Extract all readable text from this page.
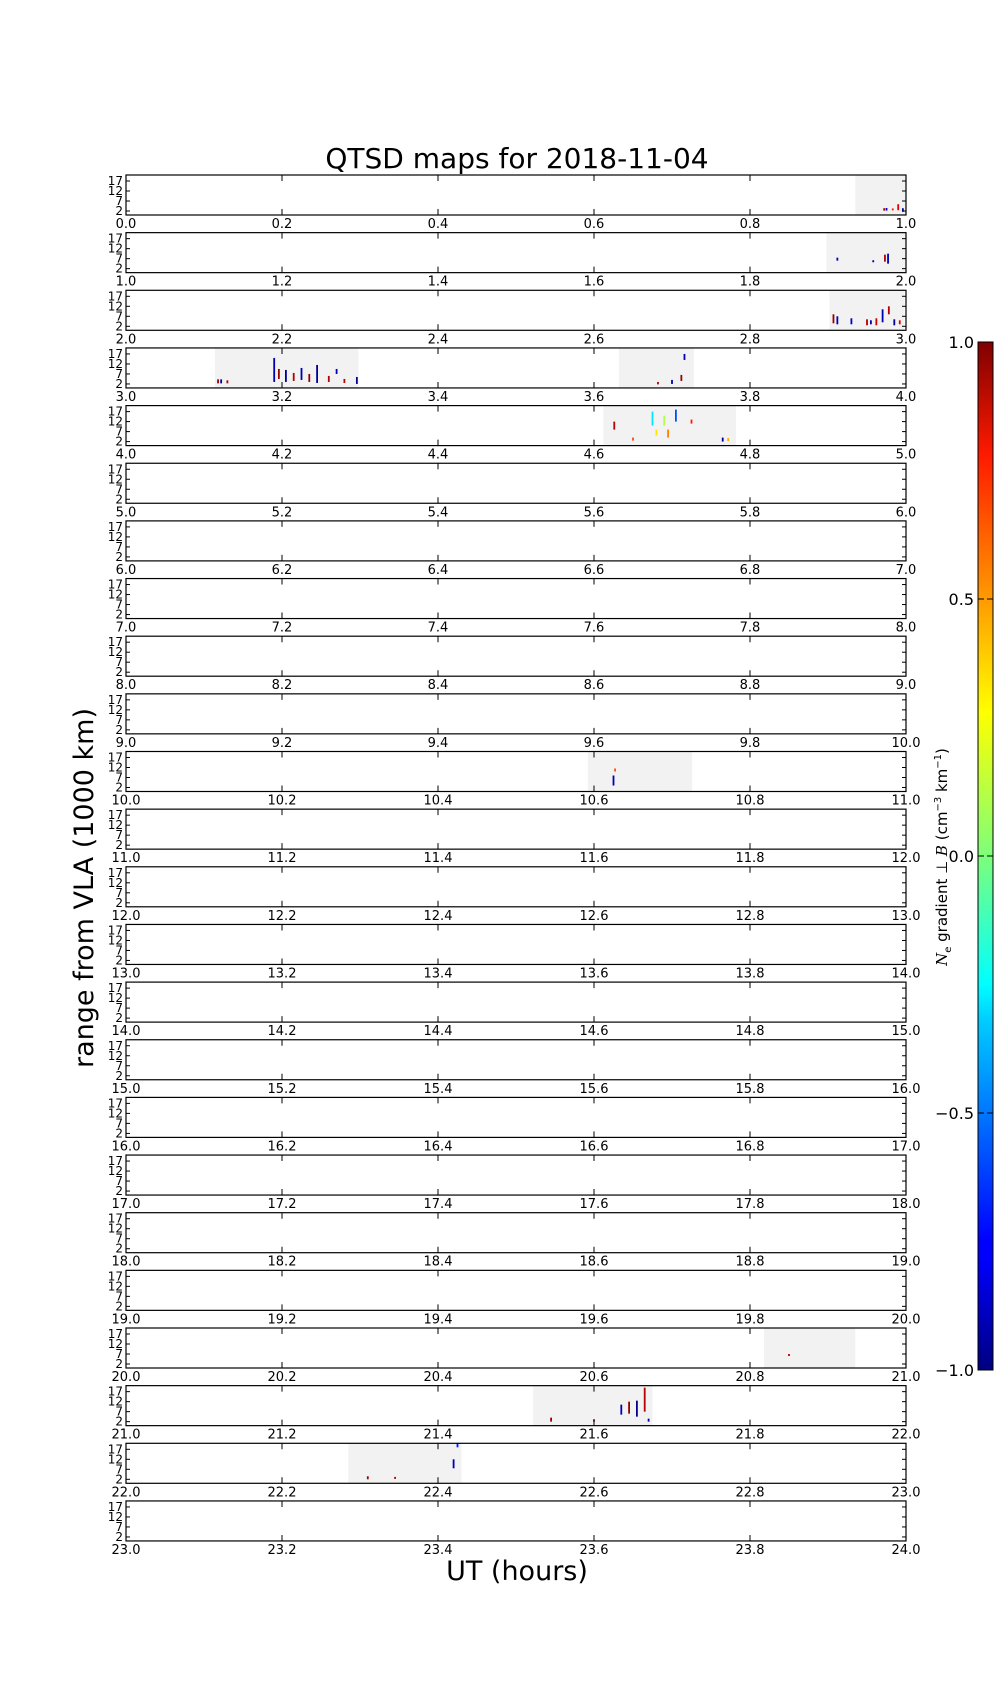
QTSD maps for 2018-11-04
17
12
7
2
0.0	0.2	0.4	0.6	0.8	1.0
17
12
7
2
1.0	1.2	1.4	1.6	1.8	2.0
17
12
7
2
2.0	2.2	2.4	2.6	2.8	3.0
17
12
7
2
3.0	3.2	3.4	3.6	3.8	4.0
17
12
7
2
4.0	4.2	4.4	4.6	4.8	5.0
17
12
7
2
5.0	5.2	5.4	5.6	5.8	6.0
17
12
7
2
6.0	6.2	6.4	6.6	6.8	7.0
17
12
7
2
7.0	7.2	7.4	7.6	7.8	8.0
17
12
7
2
8.0	8.2	8.4	8.6	8.8	9.0
17
12
7
2
9.0	9.2	9.4	9.6	9.8	10.0
17
12
7
2
10.0	10.2	10.4	10.6	10.8	11.0
17
12
7
2
11.0	11.2	11.4	11.6	11.8	12.0
17
12
7
2
12.0	12.2	12.4	12.6	12.8	13.0
17
12
7
2
13.0	13.2	13.4	13.6	13.8	14.0
17
12
7
2
14.0	14.2	14.4	14.6	14.8	15.0
17
12
7
2
15.0	15.2	15.4	15.6	15.8	16.0
17
12
7
2
16.0	16.2	16.4	16.6	16.8	17.0
17
12
7
2
17.0	17.2	17.4	17.6	17.8	18.0
17
12
7
2
18.0	18.2	18.4	18.6	18.8	19.0
17
12
7
2
19.0	19.2	19.4	19.6	19.8	20.0
17
12
7
2
20.0	20.2	20.4	20.6	20.8	21.0
17
12
7
2
21.0	21.2	21.4	21.6	21.8	22.0
17
12
7
2
22.0	22.2	22.4	22.6	22.8	23.0
17
12
7
2
23.0	23.2	23.4	23.6	23.8	24.0
range from VLA (1000 km)
UT (hours)
1.0
0.5
0.0
−0.5
−1.0
$N_e$ gradient ⊥ B ($cm^{-3}$ $km^{-1}$)
